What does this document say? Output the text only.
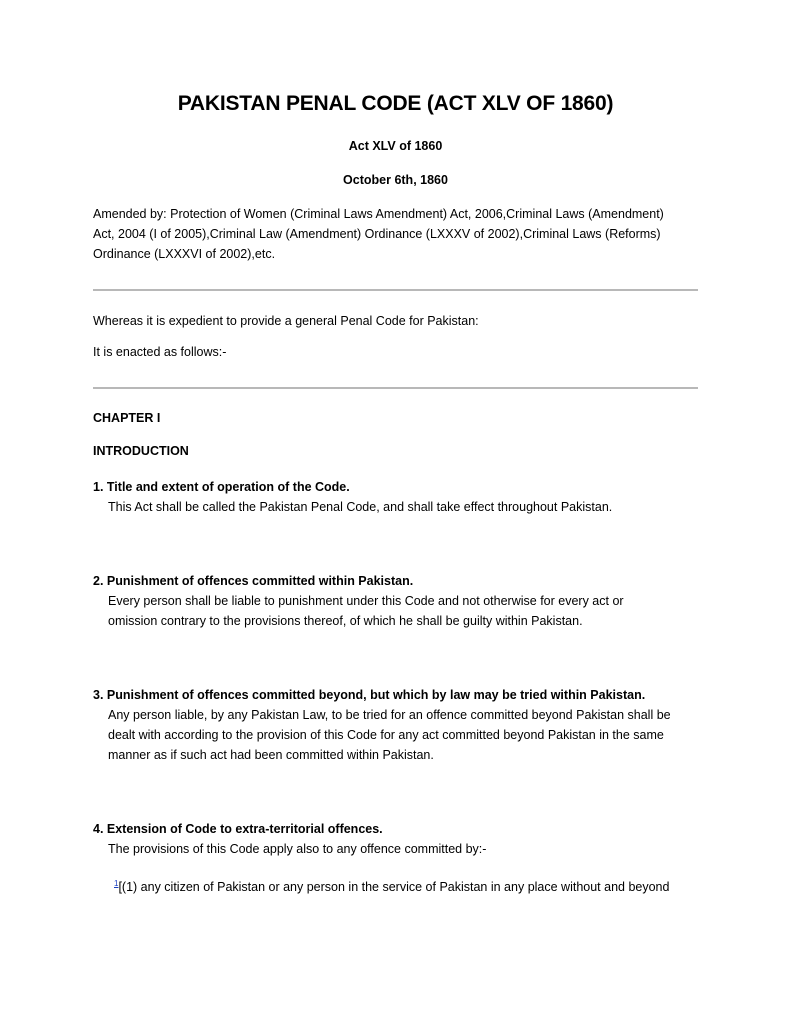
PAKISTAN PENAL CODE (ACT XLV OF 1860)
Act XLV of 1860
October 6th, 1860
Amended by: Protection of Women (Criminal Laws Amendment) Act, 2006,Criminal Laws (Amendment)
Act, 2004 (I of 2005),Criminal Law (Amendment) Ordinance (LXXXV of 2002),Criminal Laws (Reforms)
Ordinance (LXXXVI of 2002),etc.
Whereas it is expedient to provide a general Penal Code for Pakistan:
It is enacted as follows:-
CHAPTER I
INTRODUCTION
1. Title and extent of operation of the Code.
This Act shall be called the Pakistan Penal Code, and shall take effect throughout Pakistan.
2. Punishment of offences committed within Pakistan.
Every person shall be liable to punishment under this Code and not otherwise for every act or
omission contrary to the provisions thereof, of which he shall be guilty within Pakistan.
3. Punishment of offences committed beyond, but which by law may be tried within Pakistan.
Any person liable, by any Pakistan Law, to be tried for an offence committed beyond Pakistan shall be
dealt with according to the provision of this Code for any act committed beyond Pakistan in the same
manner as if such act had been committed within Pakistan.
4. Extension of Code to extra-territorial offences.
The provisions of this Code apply also to any offence committed by:-
$^1$[(1) any citizen of Pakistan or any person in the service of Pakistan in any place without and beyond
